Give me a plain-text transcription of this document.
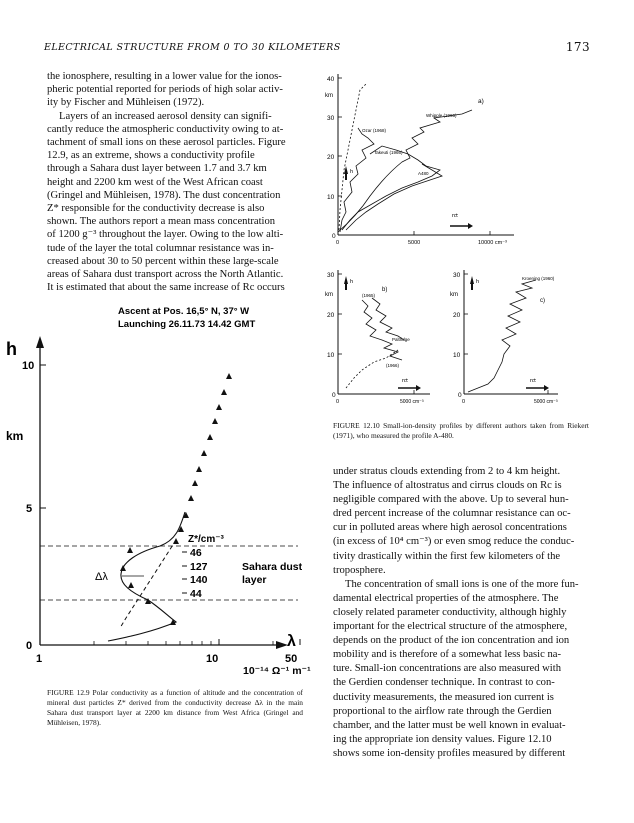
ELECTRICAL STRUCTURE FROM 0 TO 30 KILOMETERS	173

the ionosphere, resulting in a lower value for the ionos-

pheric potential reported for periods of high solar activ-

ity by Fischer and Mühleisen (1972).

Layers of an increased aerosol density can signifi-

cantly reduce the atmospheric conductivity owing to at-

tachment of small ions on these aerosol particles. Figure

12.9, as an extreme, shows a conductivity profile

through a Sahara dust layer between 1.7 and 3.7 km

height and 2200 km west of the West African coast

(Gringel and Mühleisen, 1978). The dust concentration

Z* responsible for the conductivity decrease is also

shown. The authors report a mean mass concentration

of 1200 g⁻³ throughout the layer. Owing to the low alti-

tude of the layer the total columnar resistance was in-

creased about 30 to 50 percent within these large-scale

areas of Sahara dust transport across the North Atlantic.

It is estimated that about the same increase of Rc occurs

Ascent at Pos. 16,5° N, 37° W
Launching 26.11.73 14.42 GMT
h
km
10
5
0
1	10	50
λ
10⁻¹⁴ Ω⁻¹ m⁻¹
Δλ
Z*/cm⁻³
46
127
140
44
Sahara dust
layer
FIGURE 12.9 Polar conductivity as a function of altitude and the concentration of mineral dust particles Z* derived from the conductivity decrease Δλ in the main Sahara dust transport layer at 2200 km distance from West Africa (Gringel and Mühleisen, 1978).
40
30
20
10
0
km
a)
h
0	5000	10000 cm⁻³
n±
Whipple (1965)
Ozar (1968)
Takeuti (1966)
A480
30
20
10
0
km
b)
h
0	5000 cm⁻³
n±
(1965)
Paltridge
(1966)
30
20
10
0
km
c)
h
0	5000 cm⁻³
n±
Kroening (1960)
FIGURE 12.10 Small-ion-density profiles by different authors taken from Riekert (1971), who measured the profile A-480.

under stratus clouds extending from 2 to 4 km height.

The influence of altostratus and cirrus clouds on Rc is

negligible compared with the above. Up to several hun-

dred percent increase of the columnar resistance can oc-

cur in polluted areas where high aerosol concentrations

(in excess of 10⁴ cm⁻³) or even smog reduce the conduc-

tivity drastically within the first few kilometers of the

troposphere.

The concentration of small ions is one of the more fun-

damental electrical properties of the atmosphere. The

closely related parameter conductivity, although highly

important for the electrical structure of the atmosphere,

depends on the product of the ion concentration and ion

mobility and is therefore of a somewhat less basic na-

ture. Small-ion concentrations are also measured with

the Gerdien condenser technique. In contrast to con-

ductivity measurements, the measured ion current is

proportional to the airflow rate through the Gerdien

chamber, and the latter must be well known in evaluat-

ing the appropriate ion density values. Figure 12.10

shows some ion-density profiles measured by different
